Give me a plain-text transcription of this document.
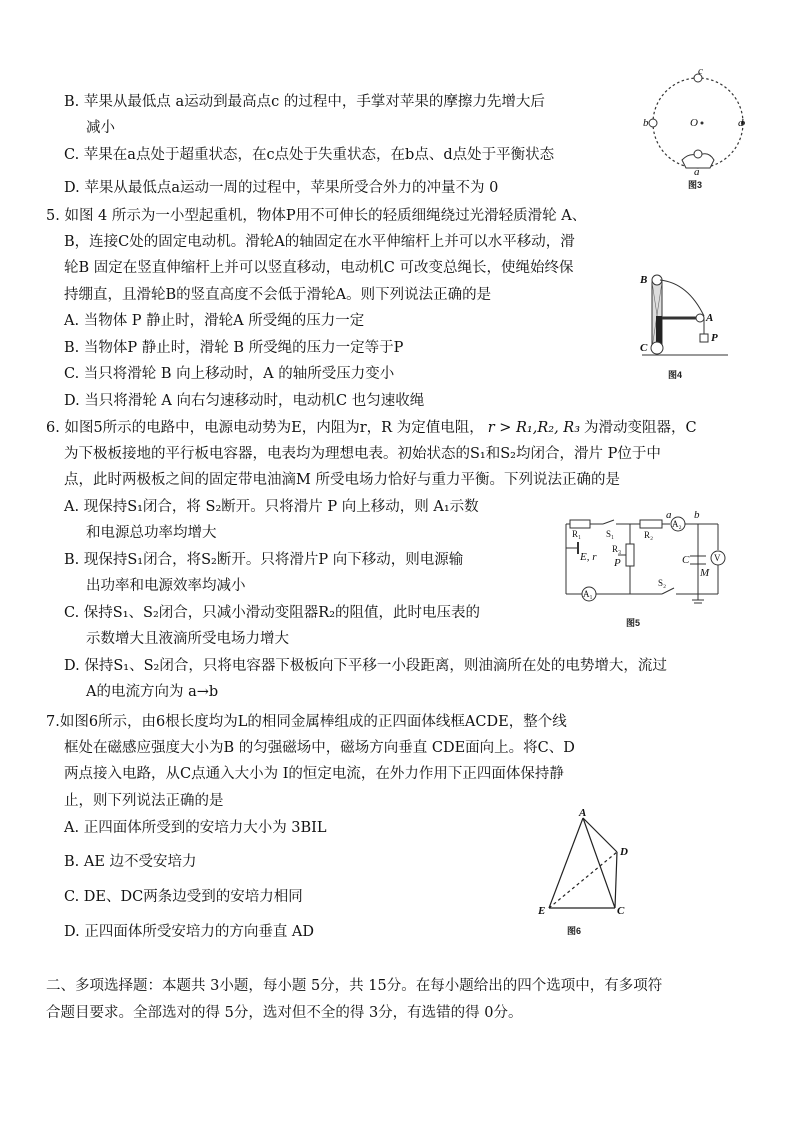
B. 苹果从最低点 a运动到最高点c 的过程中，手掌对苹果的摩擦力先增大后
减小
C. 苹果在a点处于超重状态，在c点处于失重状态，在b点、d点处于平衡状态
D. 苹果从最低点a运动一周的过程中，苹果所受合外力的冲量不为 0
5. 如图 4 所示为一小型起重机，物体P用不可伸长的轻质细绳绕过光滑轻质滑轮 A、
B，连接C处的固定电动机。滑轮A的轴固定在水平伸缩杆上并可以水平移动，滑
轮B 固定在竖直伸缩杆上并可以竖直移动，电动机C 可改变总绳长，使绳始终保
持绷直，且滑轮B的竖直高度不会低于滑轮A。则下列说法正确的是
A. 当物体 P 静止时，滑轮A 所受绳的压力一定
B. 当物体P 静止时，滑轮 B 所受绳的压力一定等于P
C. 当只将滑轮 B 向上移动时，A 的轴所受压力变小
D. 当只将滑轮 A 向右匀速移动时，电动机C 也匀速收绳
6. 如图5所示的电路中，电源电动势为E，内阻为r，R 为定值电阻， r > R₁,R₂, R₃ 为滑动变阻器，C
为下极板接地的平行板电容器，电表均为理想电表。初始状态的S₁和S₂均闭合，滑片 P位于中
点，此时两极板之间的固定带电油滴M 所受电场力恰好与重力平衡。下列说法正确的是
A. 现保持S₁闭合，将 S₂断开。只将滑片 P 向上移动，则 A₁示数
和电源总功率均增大
B. 现保持S₁闭合，将S₂断开。只将滑片P 向下移动，则电源输
出功率和电源效率均减小
C. 保持S₁、S₂闭合，只减小滑动变阻器R₂的阻值，此时电压表的
示数增大且液滴所受电场力增大
D. 保持S₁、S₂闭合，只将电容器下极板向下平移一小段距离，则油滴所在处的电势增大，流过
A的电流方向为 a→b
7.如图6所示，由6根长度均为L的相同金属棒组成的正四面体线框ACDE，整个线
框处在磁感应强度大小为B 的匀强磁场中，磁场方向垂直 CDE面向上。将C、D
两点接入电路，从C点通入大小为 I的恒定电流，在外力作用下正四面体保持静
止，则下列说法正确的是
A. 正四面体所受到的安培力大小为 3BIL
B. AE 边不受安培力
C. DE、DC两条边受到的安培力相同
D. 正四面体所受安培力的方向垂直 AD
二、多项选择题：本题共 3小题，每小题 5分，共 15分。在每小题给出的四个选项中，有多项符
合题目要求。全部选对的得 5分，选对但不全的得 3分，有选错的得 0分。
c
b	d
a
O
图3
B
A
C
P
图4
R₁	S₁
a
A₂
b
E, r
R₂
R₃
P	C	V
M
S₂
A₁
图5
A
D
E	C
图6
